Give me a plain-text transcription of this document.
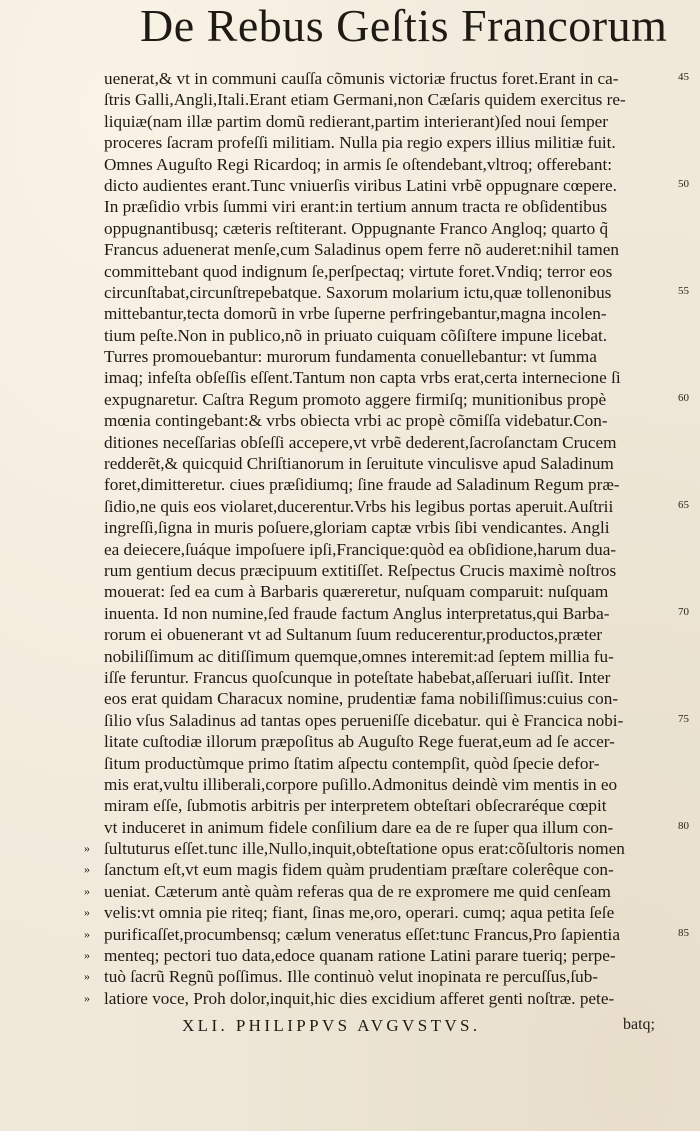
De Rebus Geſtis Francorum
uenerat,& vt in communi cauſſa cõmunis victoriæ fructus foret.Erant in ca-
ſtris Galli,Angli,Itali.Erant etiam Germani,non Cæſaris quidem exercitus re-
liquiæ(nam illæ partim domũ redierant,partim interierant)ſed noui ſemper
proceres ſacram profeſſi militiam. Nulla pia regio expers illius militiæ fuit.
Omnes Auguſto Regi Ricardoq; in armis ſe oſtendebant,vltroq; offerebant:
dicto audientes erant.Tunc vniuerſis viribus Latini vrbẽ oppugnare cœpere.
In præſidio vrbis ſummi viri erant:in tertium annum tracta re obſidentibus
oppugnantibusq; cæteris reſtiterant. Oppugnante Franco Angloq; quarto q̃
Francus aduenerat menſe,cum Saladinus opem ferre nõ auderet:nihil tamen
committebant quod indignum ſe,perſpectaq; virtute foret.Vndiq; terror eos
circunſtabat,circunſtrepebatque. Saxorum molarium ictu,quæ tollenonibus
mittebantur,tecta domorũ in vrbe ſuperne perfringebantur,magna incolen-
tium peſte.Non in publico,nõ in priuato cuiquam cõſiſtere impune licebat.
Turres promouebantur: murorum fundamenta conuellebantur: vt ſumma
imaq; infeſta obſeſſis eſſent.Tantum non capta vrbs erat,certa internecione ſi
expugnaretur. Caſtra Regum promoto aggere firmiſq; munitionibus propè
mœnia contingebant:& vrbs obiecta vrbi ac propè cõmiſſa videbatur.Con-
ditiones neceſſarias obſeſſi accepere,vt vrbẽ dederent,ſacroſanctam Crucem
redderẽt,& quicquid Chriſtianorum in ſeruitute vinculisve apud Saladinum
foret,dimitteretur. ciues præſidiumq; ſine fraude ad Saladinum Regum præ-
ſidio,ne quis eos violaret,ducerentur.Vrbs his legibus portas aperuit.Auſtrii
ingreſſi,ſigna in muris poſuere,gloriam captæ vrbis ſibi vendicantes. Angli
ea deiecere,ſuáque impoſuere ipſi,Francique:quòd ea obſidione,harum dua-
rum gentium decus præcipuum extitiſſet. Reſpectus Crucis maximè noſtros
mouerat: ſed ea cum à Barbaris quæreretur, nuſquam comparuit: nuſquam
inuenta. Id non numine,ſed fraude factum Anglus interpretatus,qui Barba-
rorum ei obuenerant vt ad Sultanum ſuum reducerentur,productos,præter
nobiliſſimum ac ditiſſimum quemque,omnes interemit:ad ſeptem millia fu-
iſſe feruntur. Francus quoſcunque in poteſtate habebat,aſſeruari iuſſit. Inter
eos erat quidam Characux nomine, prudentiæ fama nobiliſſimus:cuius con-
ſilio vſus Saladinus ad tantas opes perueniſſe dicebatur. qui è Francica nobi-
litate cuſtodiæ illorum præpoſitus ab Auguſto Rege fuerat,eum ad ſe accer-
ſitum productùmque primo ſtatim aſpectu contempſit, quòd ſpecie defor-
mis erat,vultu illiberali,corpore puſillo.Admonitus deindè vim mentis in eo
miram eſſe, ſubmotis arbitris per interpretem obteſtari obſecraréque cœpit
vt induceret in animum fidele conſilium dare ea de re ſuper qua illum con-
» ſultuturus eſſet.tunc ille,Nullo,inquit,obteſtatione opus erat:cõſultoris nomen
» ſanctum eſt,vt eum magis fidem quàm prudentiam præſtare colerêque con-
» ueniat. Cæterum antè quàm referas qua de re expromere me quid cenſeam
» velis:vt omnia pie riteq; fiant, ſinas me,oro, operari. cumq; aqua petita ſeſe
» purificaſſet,procumbensq; cælum veneratus eſſet:tunc Francus,Pro ſapientia
» menteq; pectori tuo data,edoce quanam ratione Latini parare tueriq; perpe-
» tuò ſacrũ Regnũ poſſimus. Ille continuò velut inopinata re percuſſus,ſub-
» latiore voce, Proh dolor,inquit,hic dies excidium afferet genti noſtræ. pete-
45
50
55
60
65
70
75
80
85
XLI. PHILIPPVS AVGVSTVS.	batq;
